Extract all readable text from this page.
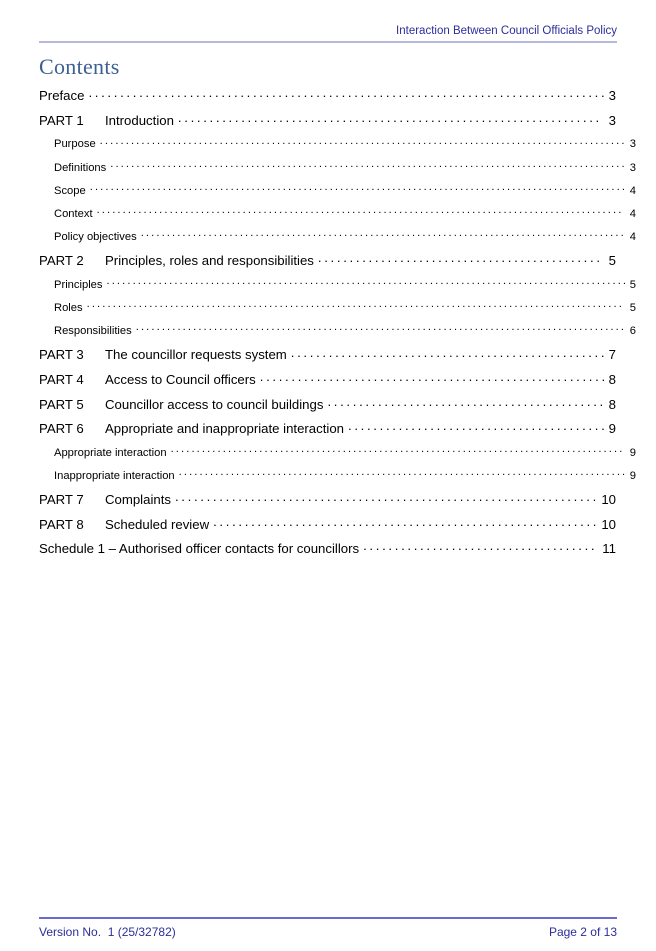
Interaction Between Council Officials Policy
Contents
Preface . . .	3
PART 1	Introduction . . .	3
Purpose . . .	3
Definitions . . .	3
Scope . . .	4
Context . . .	4
Policy objectives . . .	4
PART 2	Principles, roles and responsibilities . . .	5
Principles . . .	5
Roles . . .	5
Responsibilities . . .	6
PART 3	The councillor requests system . . .	7
PART 4	Access to Council officers . . .	8
PART 5	Councillor access to council buildings . . .	8
PART 6	Appropriate and inappropriate interaction . . .	9
Appropriate interaction . . .	9
Inappropriate interaction . . .	9
PART 7	Complaints . . .	10
PART 8	Scheduled review . . .	10
Schedule 1 – Authorised officer contacts for councillors . . .	11
Version No.  1 (25/32782)	Page 2 of 13
